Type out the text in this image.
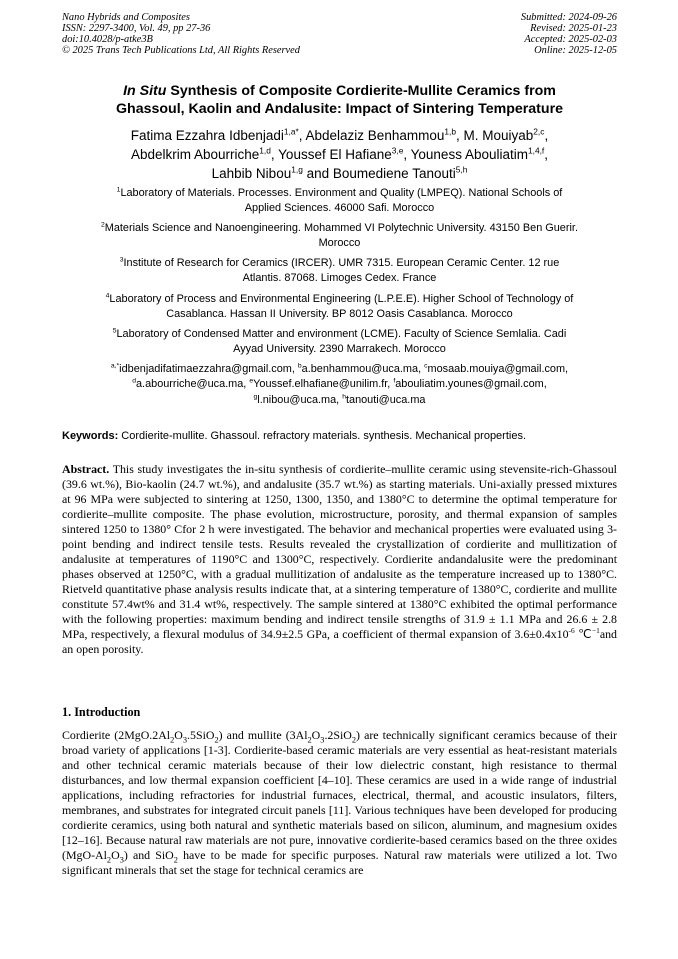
Nano Hybrids and Composites
ISSN: 2297-3400, Vol. 49, pp 27-36
doi:10.4028/p-atke3B
© 2025 Trans Tech Publications Ltd, All Rights Reserved
Submitted: 2024-09-26
Revised: 2025-01-23
Accepted: 2025-02-03
Online: 2025-12-05
In Situ Synthesis of Composite Cordierite-Mullite Ceramics from
Ghassoul, Kaolin and Andalusite: Impact of Sintering Temperature
Fatima Ezzahra Idbenjadi$^{1,a*}$, Abdelaziz Benhammou$^{1,b}$, M. Mouiyab$^{2,c}$,
Abdelkrim Abourriche$^{1,d}$, Youssef El Hafiane$^{3,e}$, Youness Abouliatim$^{1,4,f}$,
Lahbib Nibou$^{1,g}$ and Boumediene Tanouti$^{5,h}$
$^1$Laboratory of Materials. Processes. Environment and Quality (LMPEQ). National Schools of
Applied Sciences. 46000 Safi. Morocco
$^2$Materials Science and Nanoengineering. Mohammed VI Polytechnic University. 43150 Ben Guerir.
Morocco
$^3$Institute of Research for Ceramics (IRCER). UMR 7315. European Ceramic Center. 12 rue
Atlantis. 87068. Limoges Cedex. France
$^4$Laboratory of Process and Environmental Engineering (L.P.E.E). Higher School of Technology of
Casablanca. Hassan II University. BP 8012 Oasis Casablanca. Morocco
$^5$Laboratory of Condensed Matter and environment (LCME). Faculty of Science Semlalia. Cadi
Ayyad University. 2390 Marrakech. Morocco
$^{a,*}$idbenjadifatimaezzahra@gmail.com, $^b$a.benhammou@uca.ma, $^c$mosaab.mouiya@gmail.com,
$^d$a.abourriche@uca.ma, $^e$Youssef.elhafiane@unilim.fr, $^f$abouliatim.younes@gmail.com,
$^g$l.nibou@uca.ma, $^h$tanouti@uca.ma
Keywords: Cordierite-mullite. Ghassoul. refractory materials. synthesis. Mechanical properties.
Abstract. This study investigates the in-situ synthesis of cordierite–mullite ceramic using stevensite-rich-Ghassoul (39.6 wt.%), Bio-kaolin (24.7 wt.%), and andalusite (35.7 wt.%) as starting materials. Uni-axially pressed mixtures at 96 MPa were subjected to sintering at 1250, 1300, 1350, and 1380°C to determine the optimal temperature for cordierite–mullite composite. The phase evolution, microstructure, porosity, and thermal expansion of samples sintered 1250 to 1380° Cfor 2 h were investigated. The behavior and mechanical properties were evaluated using 3-point bending and indirect tensile tests. Results revealed the crystallization of cordierite and mullitization of andalusite at temperatures of 1190°C and 1300°C, respectively. Cordierite andandalusite were the predominant phases observed at 1250°C, with a gradual mullitization of andalusite as the temperature increased up to 1380°C. Rietveld quantitative phase analysis results indicate that, at a sintering temperature of 1380°C, cordierite and mullite constitute 57.4wt% and 31.4 wt%, respectively. The sample sintered at 1380°C exhibited the optimal performance with the following properties: maximum bending and indirect tensile strengths of 31.9 ± 1.1 MPa and 26.6 ± 2.8 MPa, respectively, a flexural modulus of 34.9±2.5 GPa, a coefficient of thermal expansion of $3.6\pm 0.4x10^{-6}$ ℃$^{-1}$and an open porosity.
1. Introduction
Cordierite $(2MgO.2Al_2O_3.5SiO_2)$ and mullite $(3Al_2O_3.2SiO_2)$ are technically significant ceramics because of their broad variety of applications [1-3]. Cordierite-based ceramic materials are very essential as heat-resistant materials and other technical ceramic materials because of their low dielectric constant, high resistance to thermal disturbances, and low thermal expansion coefficient [4–10]. These ceramics are used in a wide range of industrial applications, including refractories for industrial furnaces, electrical, thermal, and acoustic insulators, filters, membranes, and substrates for integrated circuit panels [11]. Various techniques have been developed for producing cordierite ceramics, using both natural and synthetic materials based on silicon, aluminum, and magnesium oxides [12–16]. Because natural raw materials are not pure, innovative cordierite-based ceramics based on the three oxides $(MgO-Al_2O_3)$ and SiO$_2$ have to be made for specific purposes. Natural raw materials were utilized a lot. Two significant minerals that set the stage for technical ceramics are
